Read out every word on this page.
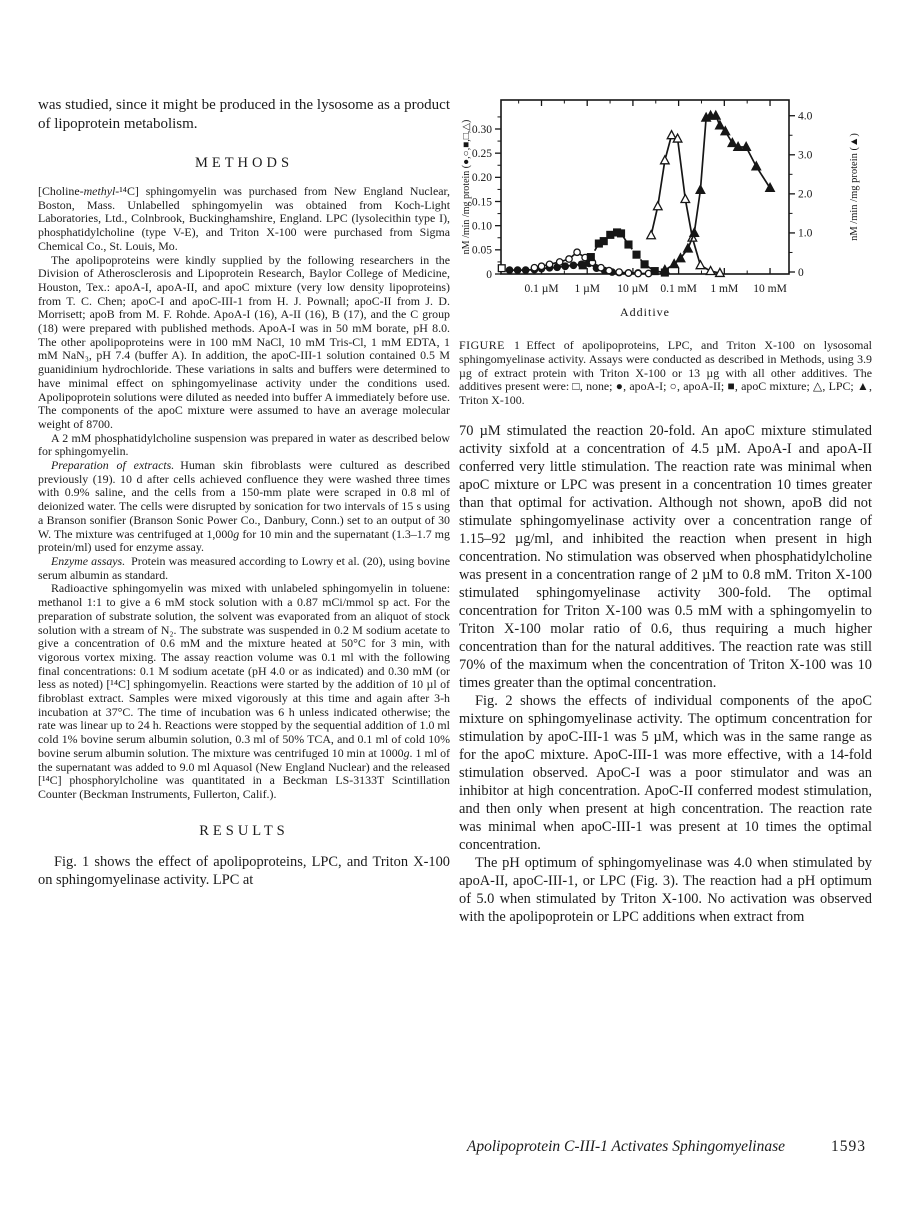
was studied, since it might be produced in the lysosome as a product of lipoprotein metabolism.

METHODS

[Choline-methyl-¹⁴C] sphingomyelin was purchased from New England Nuclear, Boston, Mass. Unlabelled sphingomyelin was obtained from Koch-Light Laboratories, Ltd., Colnbrook, Buckinghamshire, England. LPC (lysolecithin type I), phosphatidylcholine (type V-E), and Triton X-100 were purchased from Sigma Chemical Co., St. Louis, Mo.

The apolipoproteins were kindly supplied by the following researchers in the Division of Atherosclerosis and Lipoprotein Research, Baylor College of Medicine, Houston, Tex.: apoA-I, apoA-II, and apoC mixture (very low density lipoproteins) from T. C. Chen; apoC-I and apoC-III-1 from H. J. Pownall; apoC-II from J. D. Morrisett; apoB from M. F. Rohde. ApoA-I (16), A-II (16), B (17), and the C group (18) were prepared with published methods. ApoA-I was in 50 mM borate, pH 8.0. The other apolipoproteins were in 100 mM NaCl, 10 mM Tris-Cl, 1 mM EDTA, 1 mM NaN₃, pH 7.4 (buffer A). In addition, the apoC-III-1 solution contained 0.5 M guanidinium hydrochloride. These variations in salts and buffers were determined to have minimal effect on sphingomyelinase activity under the conditions used. Apolipoprotein solutions were diluted as needed into buffer A immediately before use. The components of the apoC mixture were assumed to have an average molecular weight of 8700.

A 2 mM phosphatidylcholine suspension was prepared in water as described below for sphingomyelin.

Preparation of extracts. Human skin fibroblasts were cultured as described previously (19). 10 d after cells achieved confluence they were washed three times with 0.9% saline, and the cells from a 150-mm plate were scraped in 0.8 ml of deionized water. The cells were disrupted by sonication for two intervals of 15 s using a Branson sonifier (Branson Sonic Power Co., Danbury, Conn.) set to an output of 30 W. The mixture was centrifuged at 1,000g for 10 min and the supernatant (1.3–1.7 mg protein/ml) used for enzyme assay.

Enzyme assays. Protein was measured according to Lowry et al. (20), using bovine serum albumin as standard.

Radioactive sphingomyelin was mixed with unlabeled sphingomyelin in toluene: methanol 1:1 to give a 6 mM stock solution with a 0.87 mCi/mmol sp act. For the preparation of substrate solution, the solvent was evaporated from an aliquot of stock solution with a stream of N₂. The substrate was suspended in 0.2 M sodium acetate to give a concentration of 0.6 mM and the mixture heated at 50°C for 3 min, with vigorous vortex mixing. The assay reaction volume was 0.1 ml with the following final concentrations: 0.1 M sodium acetate (pH 4.0 or as indicated) and 0.30 mM (or less as noted) [¹⁴C] sphingomyelin. Reactions were started by the addition of 10 µl of fibroblast extract. Samples were mixed vigorously at this time and again after 3-h incubation at 37°C. The time of incubation was 6 h unless indicated otherwise; the rate was linear up to 24 h. Reactions were stopped by the sequential addition of 1.0 ml cold 1% bovine serum albumin solution, 0.3 ml of 50% TCA, and 0.1 ml of cold 10% bovine serum albumin solution. The mixture was centrifuged 10 min at 1000g. 1 ml of the supernatant was added to 9.0 ml Aquasol (New England Nuclear) and the released [¹⁴C] phosphorylcholine was quantitated in a Beckman LS-3133T Scintillation Counter (Beckman Instruments, Fullerton, Calif.).

RESULTS

Fig. 1 shows the effect of apolipoproteins, LPC, and Triton X-100 on sphingomyelinase activity. LPC at

0.1 µM 1 µM 10 µM 0.1 mM 1 mM 10 mM
0
0.05
0.10
0.15
0.20
0.25
0.30
0
1.0
2.0
3.0
4.0
nM /min /mg protein (●,○,■,□,△)	nM /min /mg protein (▲)
Additive
FIGURE 1 Effect of apolipoproteins, LPC, and Triton X-100 on lysosomal sphingomyelinase activity. Assays were conducted as described in Methods, using 3.9 µg of extract protein with Triton X-100 or 13 µg with all other additives. The additives present were: □, none; ●, apoA-I; ○, apoA-II; ■, apoC mixture; △, LPC; ▲, Triton X-100.

70 µM stimulated the reaction 20-fold. An apoC mixture stimulated activity sixfold at a concentration of 4.5 µM. ApoA-I and apoA-II conferred very little stimulation. The reaction rate was minimal when apoC mixture or LPC was present in a concentration 10 times greater than that optimal for activation. Although not shown, apoB did not stimulate sphingomyelinase activity over a concentration range of 1.15–92 µg/ml, and inhibited the reaction when present in high concentration. No stimulation was observed when phosphatidylcholine was present in a concentration range of 2 µM to 0.8 mM. Triton X-100 stimulated sphingomyelinase activity 300-fold. The optimal concentration for Triton X-100 was 0.5 mM with a sphingomyelin to Triton X-100 molar ratio of 0.6, thus requiring a much higher concentration than for the natural additives. The reaction rate was still 70% of the maximum when the concentration of Triton X-100 was 10 times greater than the optimal concentration.

Fig. 2 shows the effects of individual components of the apoC mixture on sphingomyelinase activity. The optimum concentration for stimulation by apoC-III-1 was 5 µM, which was in the same range as for the apoC mixture. ApoC-III-1 was more effective, with a 14-fold stimulation observed. ApoC-I was a poor stimulator and was an inhibitor at high concentration. ApoC-II conferred modest stimulation, and then only when present at high concentration. The reaction rate was minimal when apoC-III-1 was present at 10 times the optimal concentration.

The pH optimum of sphingomyelinase was 4.0 when stimulated by apoA-II, apoC-III-1, or LPC (Fig. 3). The reaction had a pH optimum of 5.0 when stimulated by Triton X-100. No activation was observed with the apolipoprotein or LPC additions when extract from

Apolipoprotein C-III-1 Activates Sphingomyelinase	1593
